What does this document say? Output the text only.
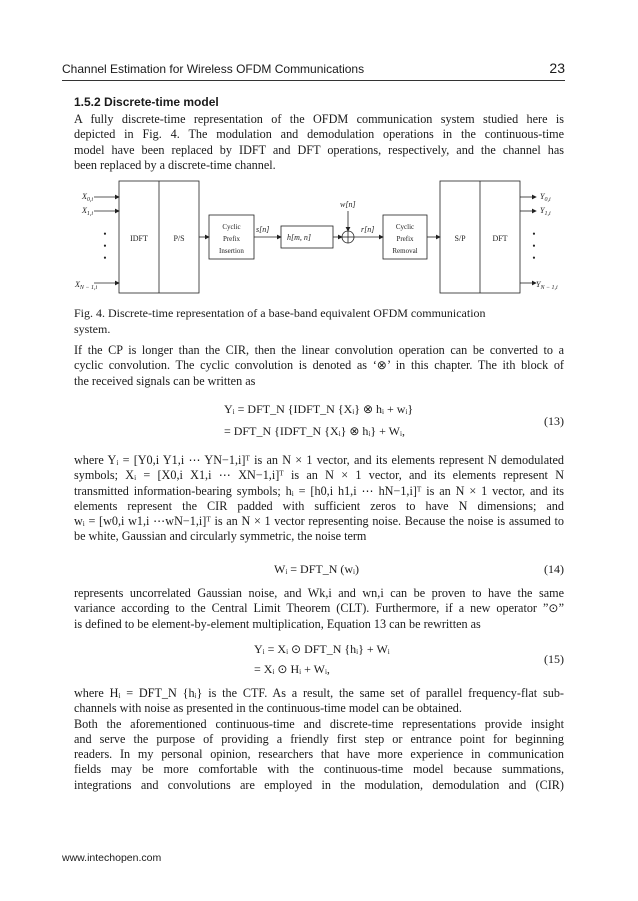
Channel Estimation for Wireless OFDM Communications	23
1.5.2 Discrete-time model
A fully discrete-time representation of the OFDM communication system studied here is
depicted in Fig. 4. The modulation and demodulation operations in the continuous-time
model have been replaced by IDFT and DFT operations, respectively, and the channel has
been replaced by a discrete-time channel.
$X_{0,i}$
$X_{1,i}$
$X_{N - 1,i}$
$Y_{0,i}$
$Y_{1,i}$
$Y_{N - 1,i}$
s[n]
h[m, n]
w[n]
r[n]
•
•
•
•
•
•
IDFT	P/S
Cyclic
Prefix
Insertion
Cyclic
Prefix
Removal
S/P	DFT
Fig. 4. Discrete-time representation of a base-band equivalent OFDM communication
system.
If the CP is longer than the CIR, then the linear convolution operation can be converted to a
cyclic convolution. The cyclic convolution is denoted as ‘⊗’ in this chapter. The ith block of
the received signals can be written as
Yᵢ = DFT_N {IDFT_N {Xᵢ} ⊗ hᵢ + wᵢ}
= DFT_N {IDFT_N {Xᵢ} ⊗ hᵢ} + Wᵢ,
(13)
where Yᵢ = [Y0,i Y1,i ⋯ YN−1,i]ᵀ is an N × 1 vector, and its elements represent N demodulated
symbols; Xᵢ = [X0,i X1,i ⋯ XN−1,i]ᵀ is an N × 1 vector, and its elements represent N
transmitted information-bearing symbols; hᵢ = [h0,i h1,i ⋯ hN−1,i]ᵀ is an N × 1 vector, and its
elements represent the CIR padded with sufficient zeros to have N dimensions; and
wᵢ = [w0,i w1,i ⋯wN−1,i]ᵀ is an N × 1 vector representing noise. Because the noise is assumed to
be white, Gaussian and circularly symmetric, the noise term
Wᵢ = DFT_N (wᵢ)	(14)
represents uncorrelated Gaussian noise, and Wk,i and wn,i can be proven to have the same
variance according to the Central Limit Theorem (CLT). Furthermore, if a new operator ”⊙”
is defined to be element-by-element multiplication, Equation 13 can be rewritten as
Yᵢ = Xᵢ ⊙ DFT_N {hᵢ} + Wᵢ
= Xᵢ ⊙ Hᵢ + Wᵢ,
(15)
where Hᵢ = DFT_N {hᵢ} is the CTF. As a result, the same set of parallel frequency-flat sub-
channels with noise as presented in the continuous-time model can be obtained.
Both the aforementioned continuous-time and discrete-time representations provide insight
and serve the purpose of providing a friendly first step or entrance point for beginning
readers. In my personal opinion, researchers that have more experience in communication
fields may be more comfortable with the continuous-time model because summations,
integrations and convolutions are employed in the modulation, demodulation and (CIR)
www.intechopen.com
